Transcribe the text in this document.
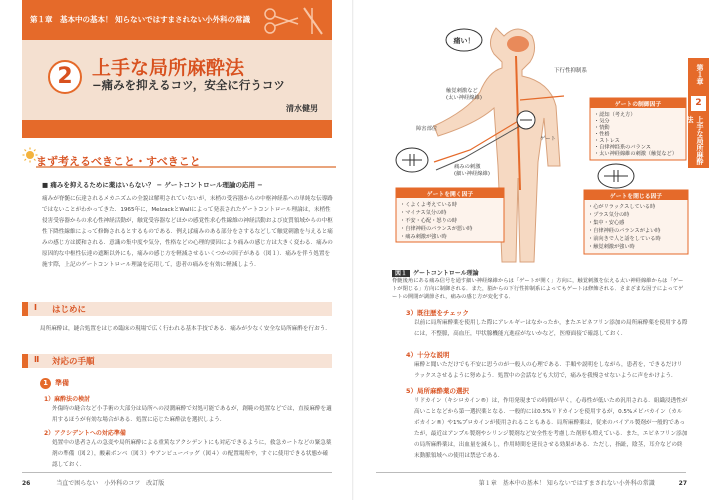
第１章　基本中の基本！ 知らないではすまされない小外科の常識
2	上手な局所麻酔法
−痛みを抑えるコツ，安全に行うコツ
清水健男
まず考えるべきこと・すべきこと
■ 痛みを抑えるために薬はいらない？ − ゲートコントロール理論の応用 −
痛みが脊髄に伝達されるメカニズムの全貌は解明されていないが，末梢の受容器からの中枢神経系への単純な伝導路ではないことがわかってきた．1965年に，MelzackとWallによって発表されたゲートコントロール理論は，末梢性侵害受容器からの求心性神経活動が，触覚受容器などほかの感覚性求心性線維の神経活動および皮質領域からの中枢性下降性線維によって修飾されるとするものである．例えば痛みのある部分をさするなどして触覚刺激を与えると痛みの感じ方は緩和される．意識の集中度や気分，性格などの心理的要因により痛みの感じ方は大きく変わる．痛みの原因的な中枢性伝達の遮断以外にも，痛みの感じ方を軽減させるいくつかの因子がある（図１）．痛みを伴う処置を施す際，上記のゲートコントロール理論を応用して，患者の痛みを有効に軽減しよう．
Ⅰ はじめに
局所麻酔は，縫合処置をはじめ臨床の現場で広く行われる基本手技である．痛みが少なく安全な局所麻酔を行おう．
Ⅱ 対応の手順
1 準備
1）麻酔法の検討
外傷時の縫合など小手術の大部分は局所への浸潤麻酔で対処可能であるが，創範の処置などでは，直接麻酔を適用するほうが有効な場合がある．処置に応じた麻酔法を選択しよう．
2）アクシデントへの対応準備
処置中の患者さんの急変や局所麻酔による重篤なアクシデントにも対応できるように，救急カートなどの緊急薬剤の準備（図２），酸素ボンベ（図３）やアンビューバッグ（図４）の配置場所や，すぐに使用できる状態か確認しておく．
26	当直で困らない　小外科のコツ　改訂版
痛い！
下行性抑制系
触覚刺激など(太い神経線維)
障害部位
痛みの刺激(細い神経線維)
ゲート
ゲートの制御因子
・認知（考え方）
・気分
・情動
・性格
・ストレス
・自律神経系のバランス
・太い神経線維の刺激（触覚など）
ゲートを開く因子
・くよくよ考えている時
・マイナス気分の時
・不安・心配・怒りの時
・自律神経のバランスが悪い時
・痛み刺激が強い時
ゲートを閉じる因子
・心がリラックスしている時
・プラス気分の時
・集中・安心感
・自律神経のバランスがよい時
・前向きで人と話をしている時
・触覚刺激が強い時
第１章
2
上手な局所麻酔法
図１ ゲートコントロール理論
脊髄後角にある痛み信号を通す細い神経線維からは「ゲートが開く」方向に，触覚刺激を伝える太い神経線維からは「ゲートが閉じる」方向に制御される．また，脳からの下行性抑制系によってもゲートは修飾される．さまざまな因子によってゲートの開閉が調節され，痛みの感じ方が変化する．
3）既往歴をチェック
以前に局所麻酔薬を使用した際にアレルギーはなかったか，またエピネフリン添加の局所麻酔薬を使用する際には，不整脈，高血圧，甲状腺機能亢進症がないかなど，医療面接で確認しておく．
4）十分な説明
麻酔と聞いただけでも不安に思うのが一般人の心理である．手順や説明をしながら，患者を，できるだけリラックスさせるように努めよう．処置中の会話なども大切で，痛みを我慢させないように声をかけよう．
5）局所麻酔薬の選択
リドカイン（キシロカイン®）は，作用発現までの時間が早く，心毒性が低いため汎用される．組織浸透性が高いことなどから第一選択薬となる．一般的には0.5%リドカインを使用するが，0.5%メピバカイン（カルボカイン®）や1%プロカインが使用されることもある．局所麻酔薬は，従来のバイアル製剤が一般的であったが，最近はアンプル製剤やシリンジ製剤など安全性を考慮した剤形も増えている．また，エピネフリン添加の局所麻酔薬は，出血量を減らし，作用時間を延長させる効果がある．ただし，指趾，陰茎，耳介などの終末動脈領域への使用は禁忌である．
第１章　基本中の基本！ 知らないではすまされない小外科の常識	27
